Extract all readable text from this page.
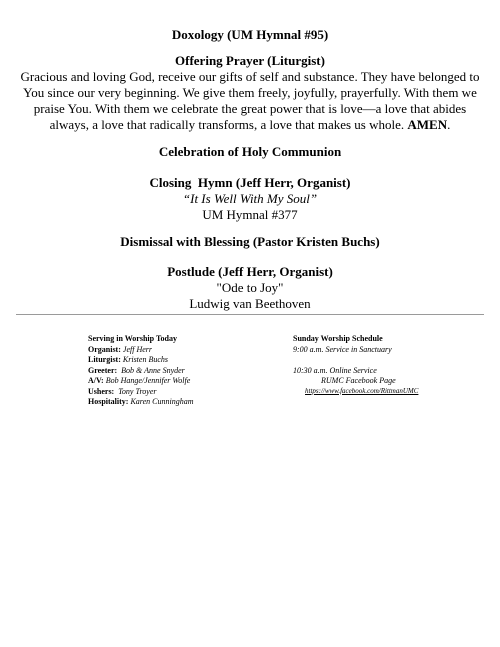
Doxology (UM Hymnal #95)

Offering Prayer (Liturgist)

Gracious and loving God, receive our gifts of self and substance. They have belonged to You since our very beginning. We give them freely, joyfully, prayerfully. With them we praise You. With them we celebrate the great power that is love—a love that abides always, a love that radically transforms, a love that makes us whole. AMEN.

Celebration of Holy Communion

Closing  Hymn (Jeff Herr, Organist)

“It Is Well With My Soul”

UM Hymnal #377

Dismissal with Blessing (Pastor Kristen Buchs)

Postlude (Jeff Herr, Organist)

"Ode to Joy"

Ludwig van Beethoven

Serving in Worship Today
Organist: Jeff Herr
Liturgist: Kristen Buchs
Greeter: Bob & Anne Snyder
A/V: Bob Hange/Jennifer Wolfe
Ushers: Tony Troyer
Hospitality: Karen Cunningham
Sunday Worship Schedule
9:00 a.m. Service in Sanctuary
10:30 a.m. Online Service
RUMC Facebook Page
https://www.facebook.com/RittmanUMC
